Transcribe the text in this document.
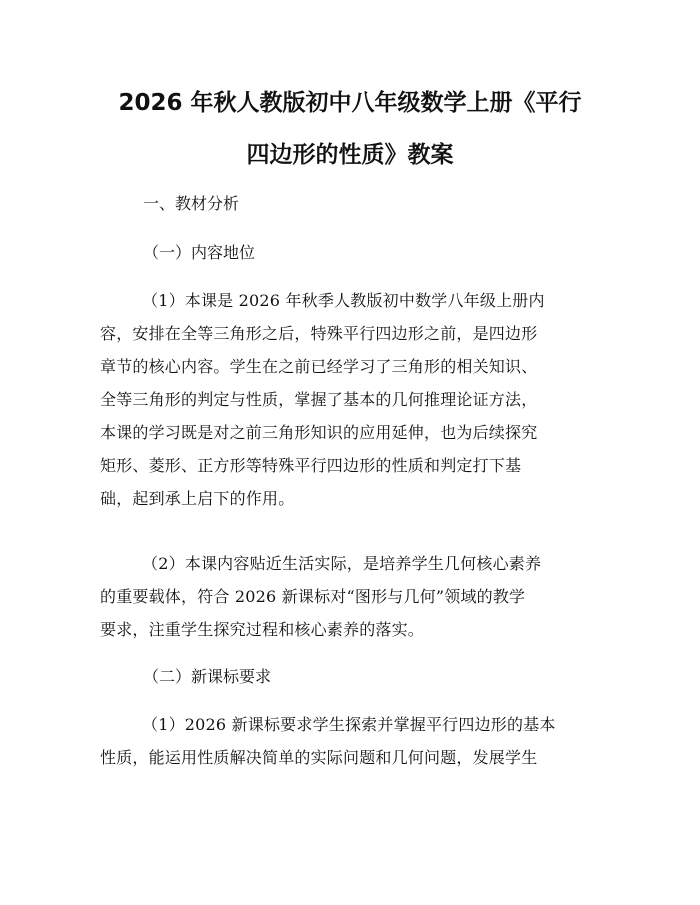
2026 年秋人教版初中八年级数学上册《平行
四边形的性质》教案

一、教材分析

（一）内容地位

（1）本课是 2026 年秋季人教版初中数学八年级上册内
容，安排在全等三角形之后，特殊平行四边形之前，是四边形
章节的核心内容。学生在之前已经学习了三角形的相关知识、
全等三角形的判定与性质，掌握了基本的几何推理论证方法，
本课的学习既是对之前三角形知识的应用延伸，也为后续探究
矩形、菱形、正方形等特殊平行四边形的性质和判定打下基
础，起到承上启下的作用。
（2）本课内容贴近生活实际，是培养学生几何核心素养
的重要载体，符合 2026 新课标对“图形与几何”领域的教学
要求，注重学生探究过程和核心素养的落实。

（二）新课标要求

（1）2026 新课标要求学生探索并掌握平行四边形的基本
性质，能运用性质解决简单的实际问题和几何问题，发展学生
